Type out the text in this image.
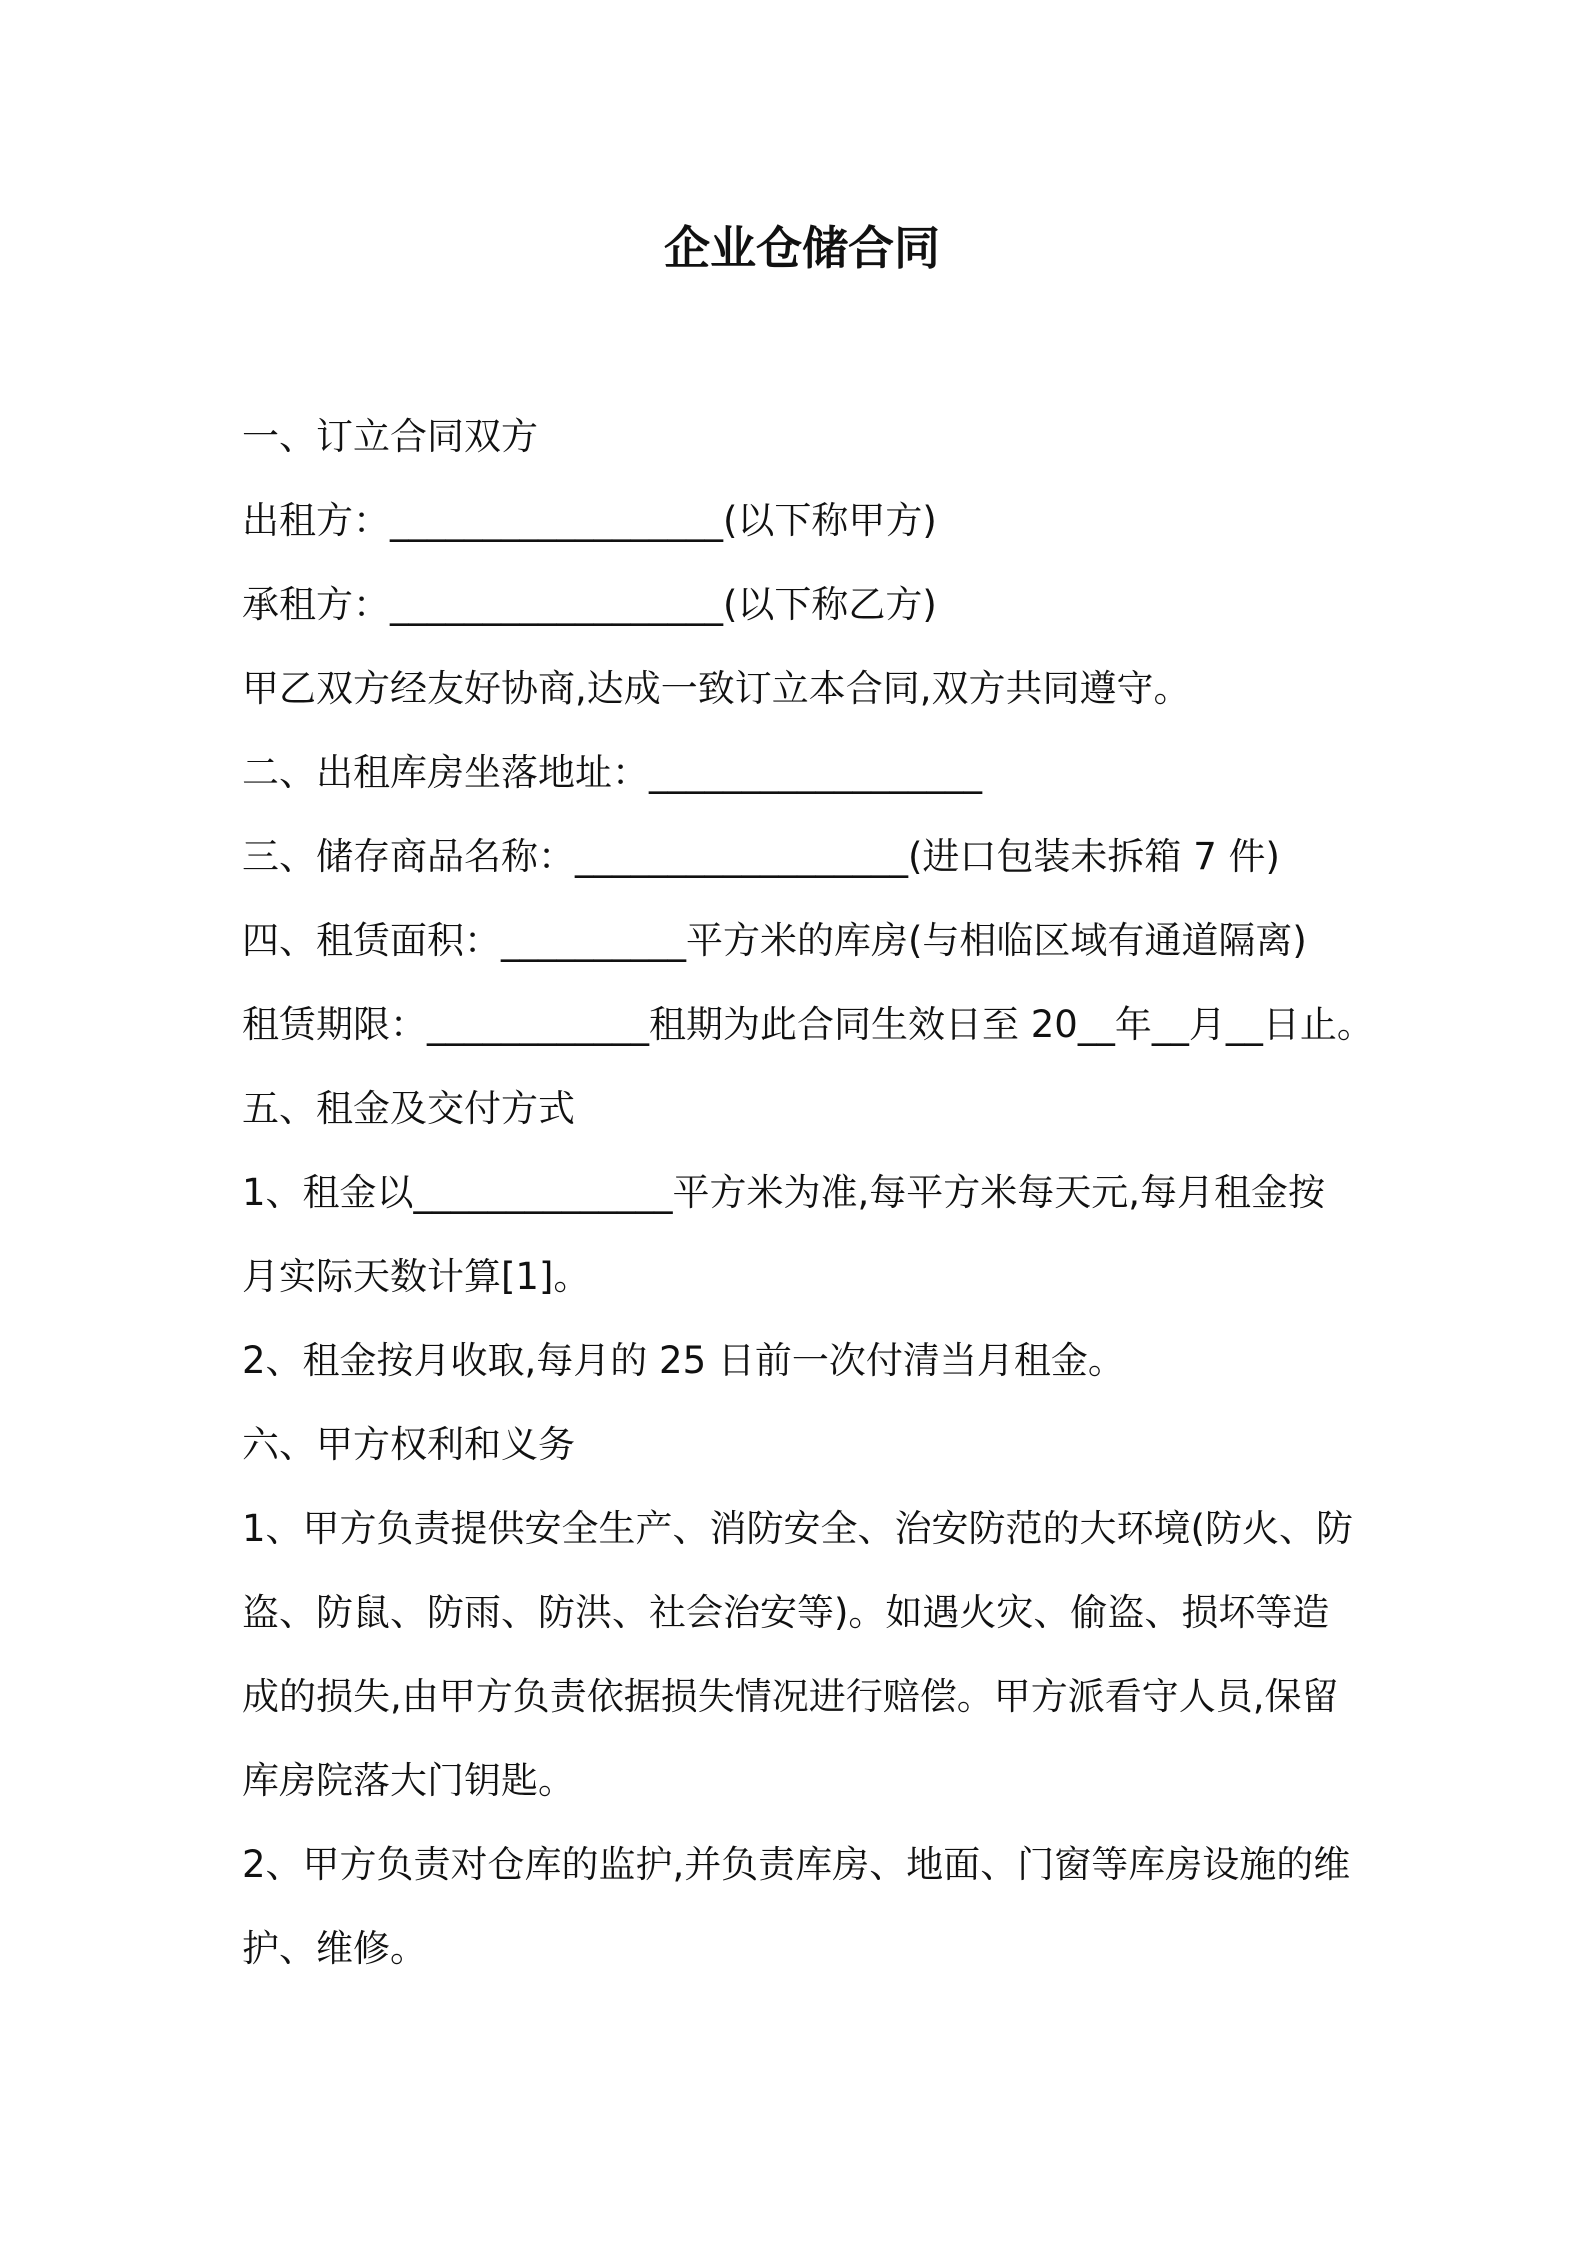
企业仓储合同
一、订立合同双方
出租方：__________________(以下称甲方)
承租方：__________________(以下称乙方)
甲乙双方经友好协商,达成一致订立本合同,双方共同遵守。
二、出租库房坐落地址：__________________
三、储存商品名称：__________________(进口包装未拆箱 7 件)
四、租赁面积：__________平方米的库房(与相临区域有通道隔离)
租赁期限：____________租期为此合同生效日至 20__年__月__日止。
五、租金及交付方式
1、租金以______________平方米为准,每平方米每天元,每月租金按
月实际天数计算[1]。
2、租金按月收取,每月的 25 日前一次付清当月租金。
六、甲方权利和义务
1、甲方负责提供安全生产、消防安全、治安防范的大环境(防火、防
盗、防鼠、防雨、防洪、社会治安等)。如遇火灾、偷盗、损坏等造
成的损失,由甲方负责依据损失情况进行赔偿。甲方派看守人员,保留
库房院落大门钥匙。
2、甲方负责对仓库的监护,并负责库房、地面、门窗等库房设施的维
护、维修。
